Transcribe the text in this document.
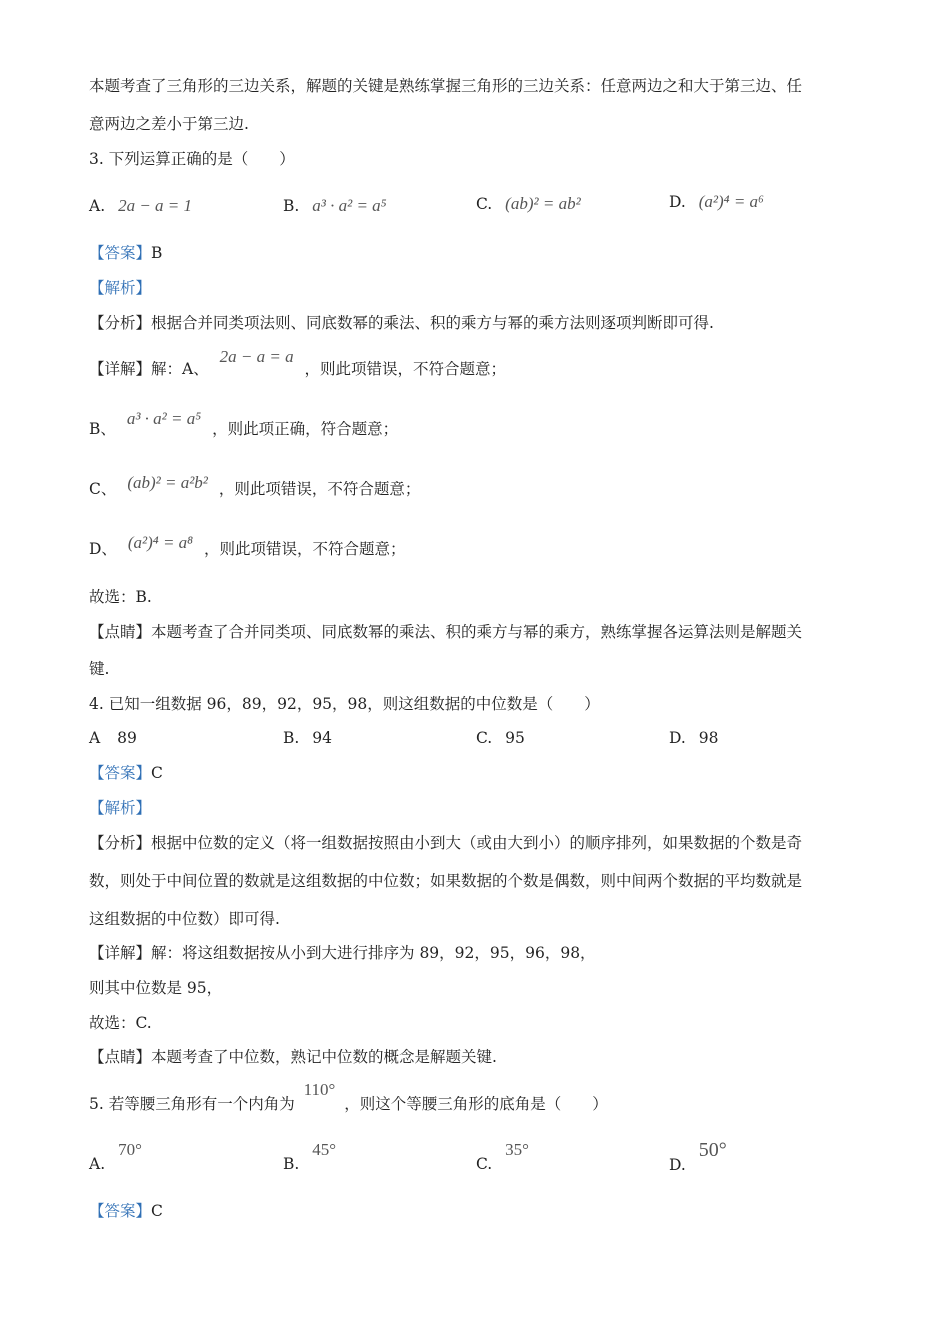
本题考查了三角形的三边关系，解题的关键是熟练掌握三角形的三边关系：任意两边之和大于第三边、任
意两边之差小于第三边.
3. 下列运算正确的是（　　）
A. 2a − a = 1	B. a³ · a² = a⁵	C. (ab)² = ab²	D. (a²)⁴ = a⁶
【答案】B
【解析】
【分析】根据合并同类项法则、同底数幂的乘法、积的乘方与幂的乘方法则逐项判断即可得.
【详解】解：A、 2a − a = a ，则此项错误，不符合题意；
B、 a³ · a² = a⁵ ，则此项正确，符合题意；
C、 (ab)² = a²b² ，则此项错误，不符合题意；
D、 (a²)⁴ = a⁸ ，则此项错误，不符合题意；
故选：B.
【点睛】本题考查了合并同类项、同底数幂的乘法、积的乘方与幂的乘方，熟练掌握各运算法则是解题关
键.
4. 已知一组数据 96，89，92，95，98，则这组数据的中位数是（　　）
A 89	B. 94	C. 95	D. 98
【答案】C
【解析】
【分析】根据中位数的定义（将一组数据按照由小到大（或由大到小）的顺序排列，如果数据的个数是奇
数，则处于中间位置的数就是这组数据的中位数；如果数据的个数是偶数，则中间两个数据的平均数就是
这组数据的中位数）即可得.
【详解】解：将这组数据按从小到大进行排序为 89，92，95，96，98，
则其中位数是 95，
故选：C.
【点睛】本题考查了中位数，熟记中位数的概念是解题关键.
5. 若等腰三角形有一个内角为 110° ，则这个等腰三角形的底角是（　　）
A. 70°
B. 45°
C. 35°
D. 50°
【答案】C
